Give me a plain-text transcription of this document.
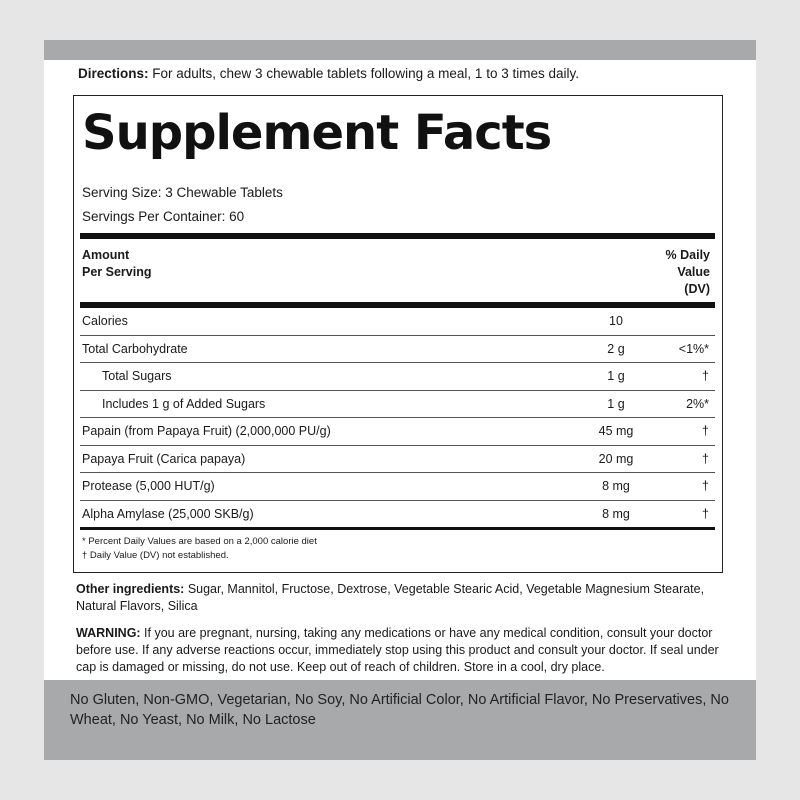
Directions: For adults, chew 3 chewable tablets following a meal, 1 to 3 times daily.
Supplement Facts
Serving Size: 3 Chewable Tablets
Servings Per Container: 60
Amount
Per Serving
% Daily
Value
(DV)
Calories	10
Total Carbohydrate	2 g	<1%*
Total Sugars	1 g	†
Includes 1 g of Added Sugars	1 g	2%*
Papain (from Papaya Fruit) (2,000,000 PU/g)	45 mg	†
Papaya Fruit (Carica papaya)	20 mg	†
Protease (5,000 HUT/g)	8 mg	†
Alpha Amylase (25,000 SKB/g)	8 mg	†
* Percent Daily Values are based on a 2,000 calorie diet
† Daily Value (DV) not established.
Other ingredients: Sugar, Mannitol, Fructose, Dextrose, Vegetable Stearic Acid, Vegetable Magnesium Stearate, Natural Flavors, Silica
WARNING: If you are pregnant, nursing, taking any medications or have any medical condition, consult your doctor before use. If any adverse reactions occur, immediately stop using this product and consult your doctor. If seal under cap is damaged or missing, do not use. Keep out of reach of children. Store in a cool, dry place.
No Gluten, Non-GMO, Vegetarian, No Soy, No Artificial Color, No Artificial Flavor, No Preservatives, No Wheat, No Yeast, No Milk, No Lactose
